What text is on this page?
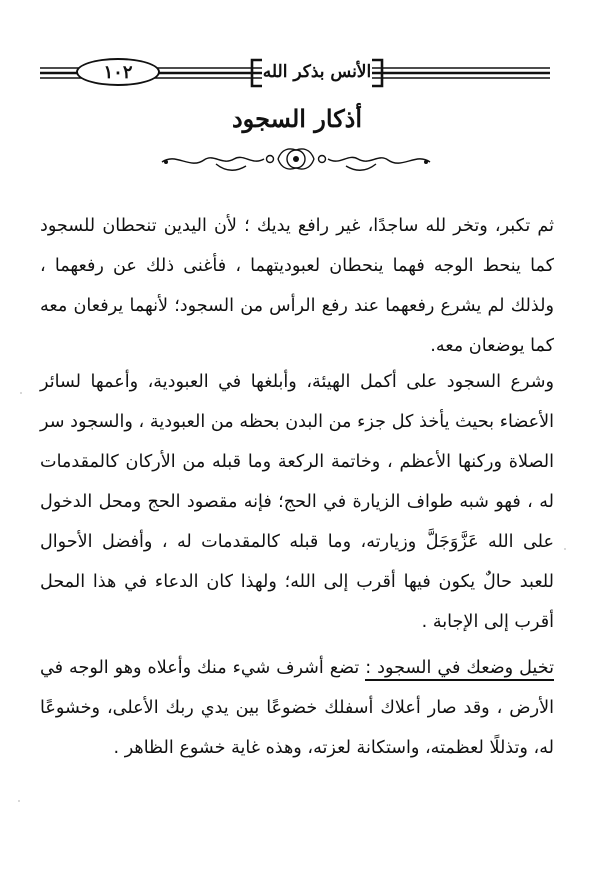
١٠٢	الأنس بذكر الله
أذكار السجود
ثم تكبر، وتخر لله ساجدًا، غير رافع يديك ؛ لأن اليدين تنحطان للسجود كما ينحط الوجه فهما ينحطان لعبوديتهما ، فأغنى ذلك عن رفعهما ، ولذلك لم يشرع رفعهما عند رفع الرأس من السجود؛ لأنهما يرفعان معه كما يوضعان معه.
وشرع السجود على أكمل الهيئة، وأبلغها في العبودية، وأعمها لسائر الأعضاء بحيث يأخذ كل جزء من البدن بحظه من العبودية ، والسجود سر الصلاة وركنها الأعظم ، وخاتمة الركعة وما قبله من الأركان كالمقدمات له ، فهو شبه طواف الزيارة في الحج؛ فإنه مقصود الحج ومحل الدخول على الله عَزَّوَجَلَّ وزيارته، وما قبله كالمقدمات له ، وأفضل الأحوال للعبد حالٌ يكون فيها أقرب إلى الله؛ ولهذا كان الدعاء في هذا المحل أقرب إلى الإجابة .
تخيل وضعك في السجود : تضع أشرف شيء منك وأعلاه وهو الوجه في الأرض ، وقد صار أعلاك أسفلك خضوعًا بين يدي ربك الأعلى، وخشوعًا له، وتذللًا لعظمته، واستكانة لعزته، وهذه غاية خشوع الظاهر .
